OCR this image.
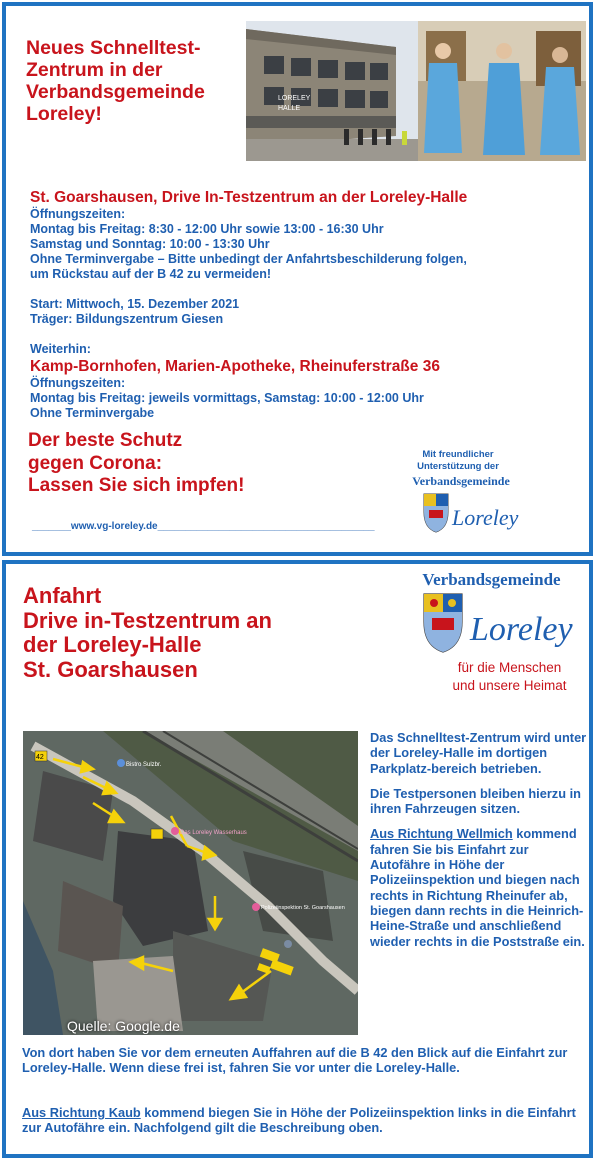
Neues Schnelltest-
Zentrum in der
Verbandsgemeinde
Loreley!
LORELEY
HALLE
St. Goarshausen, Drive In-Testzentrum an der Loreley-Halle
Öffnungszeiten:
Montag bis Freitag: 8:30 - 12:00 Uhr sowie 13:00 - 16:30 Uhr
Samstag und Sonntag: 10:00 - 13:30 Uhr
Ohne Terminvergabe – Bitte unbedingt der Anfahrtsbeschilderung folgen,
um Rückstau auf der B 42 zu vermeiden!
Start: Mittwoch, 15. Dezember 2021
Träger: Bildungszentrum Giesen
Weiterhin:
Kamp-Bornhofen, Marien-Apotheke, Rheinuferstraße 36
Öffnungszeiten:
Montag bis Freitag: jeweils vormittags, Samstag: 10:00 - 12:00 Uhr
Ohne Terminvergabe
Der beste Schutz
gegen Corona:
Lassen Sie sich impfen!
_______www.vg-loreley.de_______________________________________
Mit freundlicher
Unterstützung der
Verbandsgemeinde
Loreley
Anfahrt
Drive in-Testzentrum an
der Loreley-Halle
St. Goarshausen
Verbandsgemeinde
Loreley
für die Menschen
und unsere Heimat
42
Bistro Sulzbr.
Das Loreley Wasserhaus
Polizeiinspektion St. Goarshausen
Quelle: Google.de

Das Schnelltest-Zentrum wird unter der Loreley-Halle im dortigen Parkplatz-bereich betrieben.

Die Testpersonen bleiben hierzu in ihren Fahrzeugen sitzen.

Aus Richtung Wellmich kommend fahren Sie bis Einfahrt zur Autofähre in Höhe der Polizeiinspektion und biegen nach rechts in Richtung Rheinufer ab, biegen dann rechts in die Heinrich-Heine-Straße und anschließend wieder rechts in die Poststraße ein.

Von dort haben Sie vor dem erneuten Auffahren auf die B 42 den Blick auf die Einfahrt zur Loreley-Halle. Wenn diese frei ist, fahren Sie vor unter die Loreley-Halle.
Aus Richtung Kaub kommend biegen Sie in Höhe der Polizeiinspektion links in die Einfahrt zur Autofähre ein. Nachfolgend gilt die Beschreibung oben.
